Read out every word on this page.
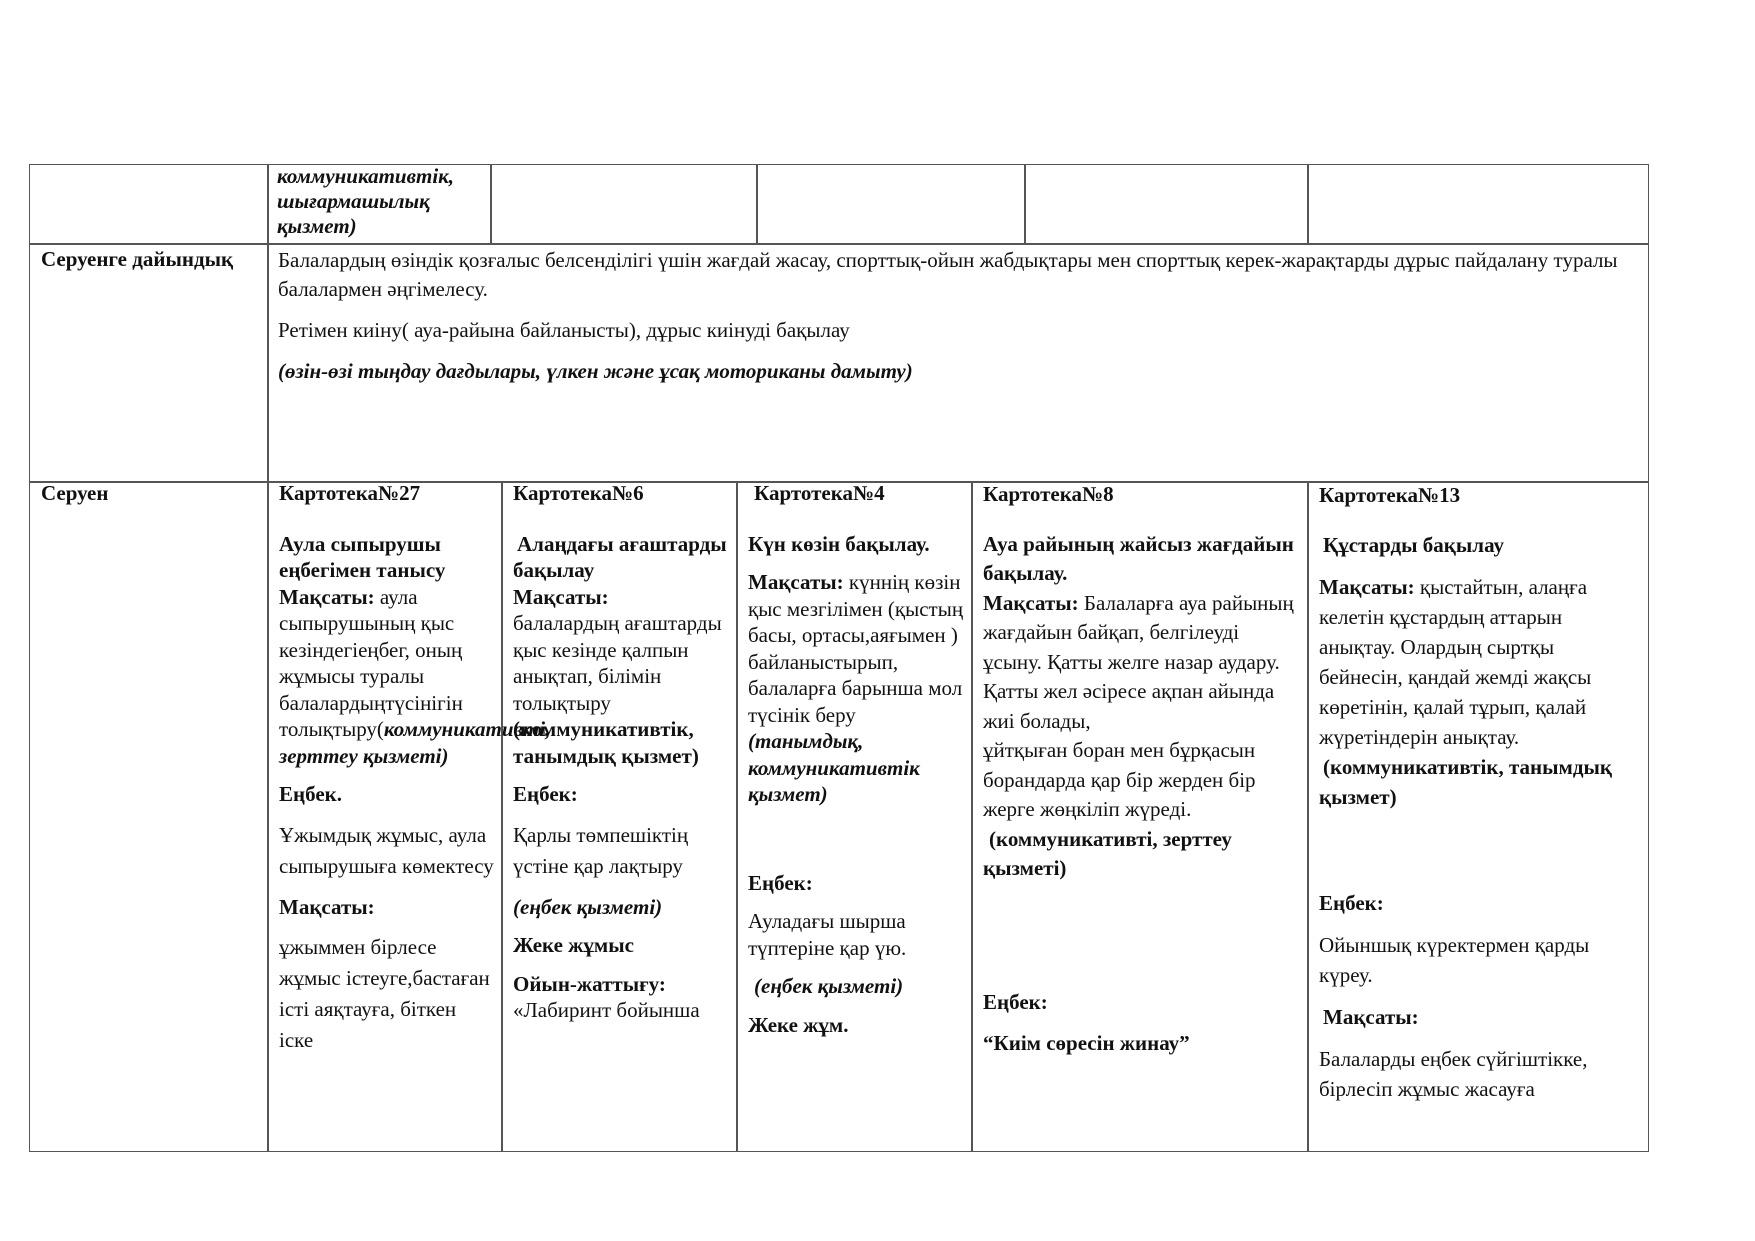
коммуникативтік,

шығармашылық

қызмет)

Серуенге дайындық	Балалардың өзіндік қозғалыс белсенділігі үшін жағдай жасау, спорттық-ойын жабдықтары мен спорттық керек-жарақтарды дұрыс пайдалану туралы балалармен әңгімелесу.

Ретімен киіну( ауа-райына байланысты), дұрыс киінуді бақылау

(өзін-өзі тыңдау дағдылары, үлкен және ұсақ моториканы дамыту)

Серуен	Картотека№27

Аула сыпырушы еңбегімен танысу

Мақсаты: аула сыпырушының қыс кезіндегіеңбег, оның жұмысы туралы балалардыңтүсінігін толықтыру(коммуникативті, зерттеу қызметі)

Еңбек.

Ұжымдық жұмыс, аула сыпырушыға көмектесу

Мақсаты:

ұжыммен бірлесе жұмыс істеуге,бастаған істі аяқтауға, біткен іске

Картотека№6

Алаңдағы ағаштарды бақылау

Мақсаты:

балалардың ағаштарды қыс кезінде қалпын анықтап, білімін толықтыру

(коммуникативтік, танымдық қызмет)

Еңбек:

Қарлы төмпешіктің үстіне қар лақтыру

(еңбек қызметі)

Жеке жұмыс

Ойын-жаттығу:

«Лабиринт бойынша

Картотека№4

Күн көзін бақылау.

Мақсаты: күннің көзін қыс мезгілімен (қыстың басы, ортасы,аяғымен ) байланыстырып, балаларға барынша мол түсінік беру

(танымдық, коммуникативтік қызмет)

Еңбек:

Ауладағы шырша түптеріне қар үю.

(еңбек қызметі)

Жеке жұм.

Картотека№8

Ауа райының жайсыз жағдайын бақылау.

Мақсаты: Балаларға ауа райының жағдайын байқап, белгілеуді ұсыну. Қатты желге назар аудару. Қатты жел әсіресе ақпан айында жиі болады,

ұйтқыған боран мен бұрқасын борандарда қар бір жерден бір жерге жөңкіліп жүреді.

(коммуникативті, зерттеу қызметі)

Еңбек:

“Киім сөресін жинау”

Картотека№13

Құстарды бақылау

Мақсаты: қыстайтын, алаңға келетін құстардың аттарын анықтау. Олардың сыртқы бейнесін, қандай жемді жақсы көретінін, қалай тұрып, қалай жүретіндерін анықтау.

(коммуникативтік, танымдық қызмет)

Еңбек:

Ойыншық күректермен қарды күреу.

Мақсаты:

Балаларды еңбек сүйгіштікке, бірлесіп жұмыс жасауға
